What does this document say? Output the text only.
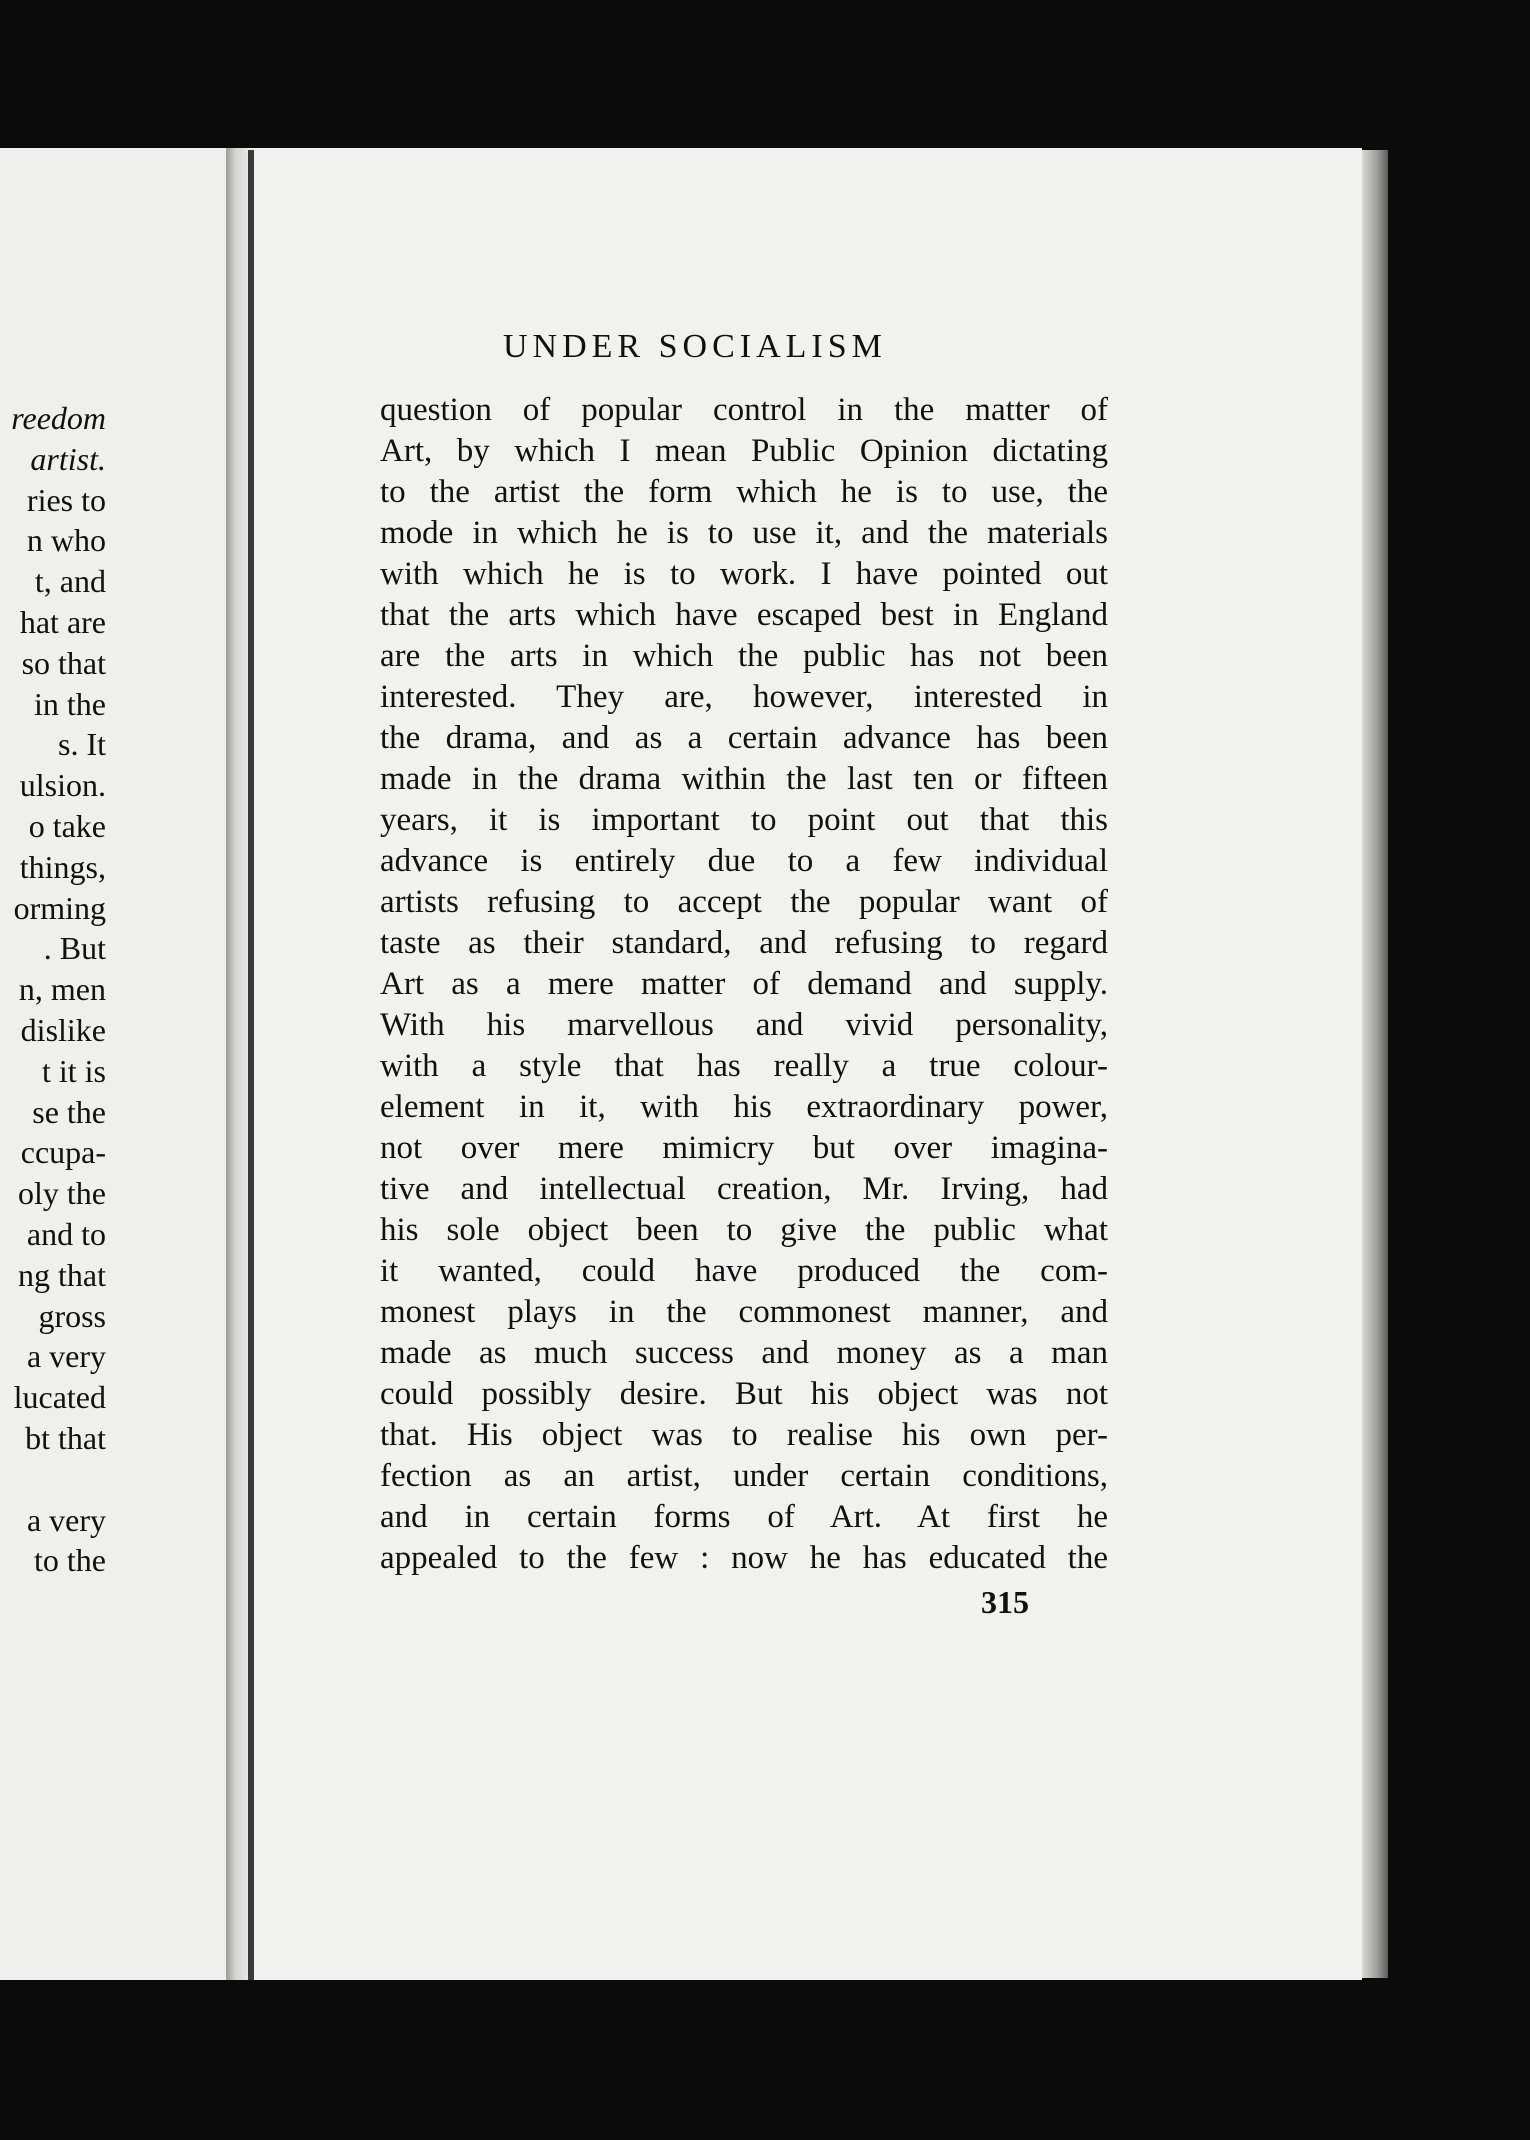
reedom
artist.
ries to
n who
t, and
hat are
so that
in the
s. It
ulsion.
o take
things,
orming
. But
n, men
dislike
t it is
se the
ccupa-
oly the
and to
ng that
gross
a very
lucated
bt that
a very
to the
UNDER SOCIALISM
question of popular control in the matter of
Art, by which I mean Public Opinion dictating
to the artist the form which he is to use, the
mode in which he is to use it, and the materials
with which he is to work. I have pointed out
that the arts which have escaped best in England
are the arts in which the public has not been
interested. They are, however, interested in
the drama, and as a certain advance has been
made in the drama within the last ten or fifteen
years, it is important to point out that this
advance is entirely due to a few individual
artists refusing to accept the popular want of
taste as their standard, and refusing to regard
Art as a mere matter of demand and supply.
With his marvellous and vivid personality,
with a style that has really a true colour-
element in it, with his extraordinary power,
not over mere mimicry but over imagina-
tive and intellectual creation, Mr. Irving, had
his sole object been to give the public what
it wanted, could have produced the com-
monest plays in the commonest manner, and
made as much success and money as a man
could possibly desire. But his object was not
that. His object was to realise his own per-
fection as an artist, under certain conditions,
and in certain forms of Art. At first he
appealed to the few : now he has educated the
315
